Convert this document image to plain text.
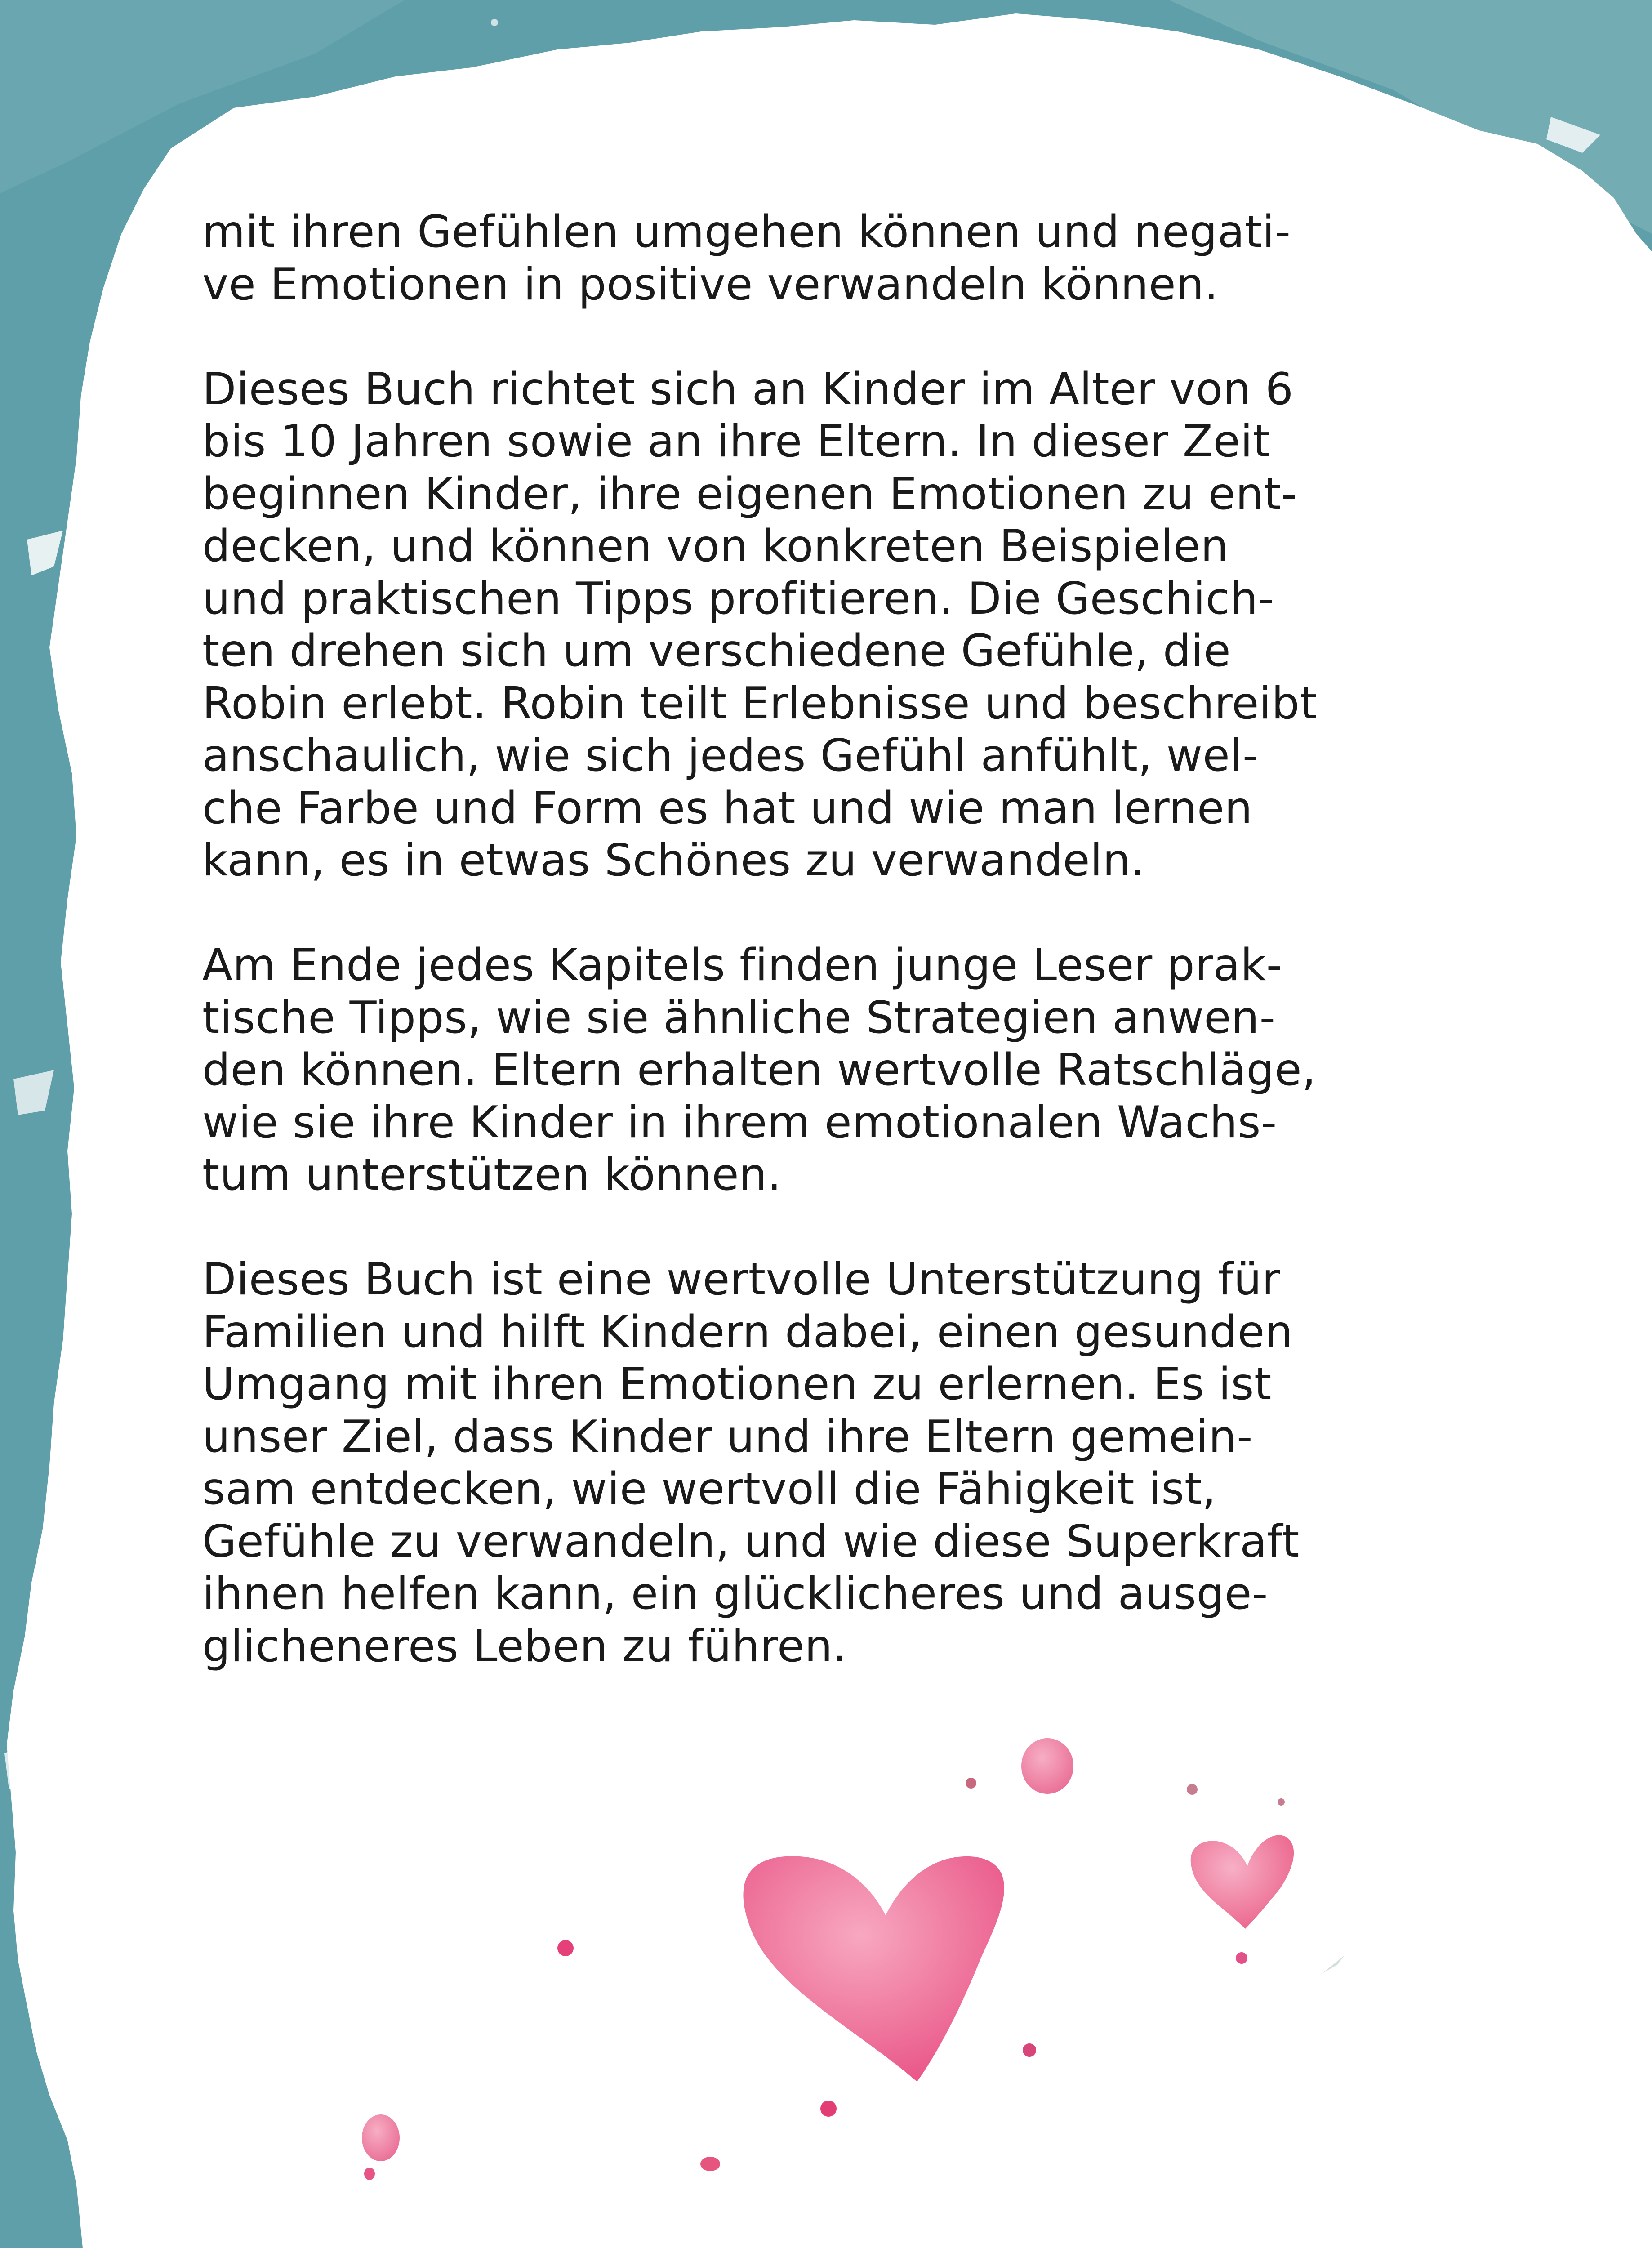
mit ihren Gefühlen umgehen können und negati-
ve Emotionen in positive verwandeln können.
Dieses Buch richtet sich an Kinder im Alter von 6
bis 10 Jahren sowie an ihre Eltern. In dieser Zeit
beginnen Kinder, ihre eigenen Emotionen zu ent-
decken, und können von konkreten Beispielen
und praktischen Tipps profitieren. Die Geschich-
ten drehen sich um verschiedene Gefühle, die
Robin erlebt. Robin teilt Erlebnisse und beschreibt
anschaulich, wie sich jedes Gefühl anfühlt, wel-
che Farbe und Form es hat und wie man lernen
kann, es in etwas Schönes zu verwandeln.
Am Ende jedes Kapitels finden junge Leser prak-
tische Tipps, wie sie ähnliche Strategien anwen-
den können. Eltern erhalten wertvolle Ratschläge,
wie sie ihre Kinder in ihrem emotionalen Wachs-
tum unterstützen können.
Dieses Buch ist eine wertvolle Unterstützung für
Familien und hilft Kindern dabei, einen gesunden
Umgang mit ihren Emotionen zu erlernen. Es ist
unser Ziel, dass Kinder und ihre Eltern gemein-
sam entdecken, wie wertvoll die Fähigkeit ist,
Gefühle zu verwandeln, und wie diese Superkraft
ihnen helfen kann, ein glücklicheres und ausge-
glicheneres Leben zu führen.
